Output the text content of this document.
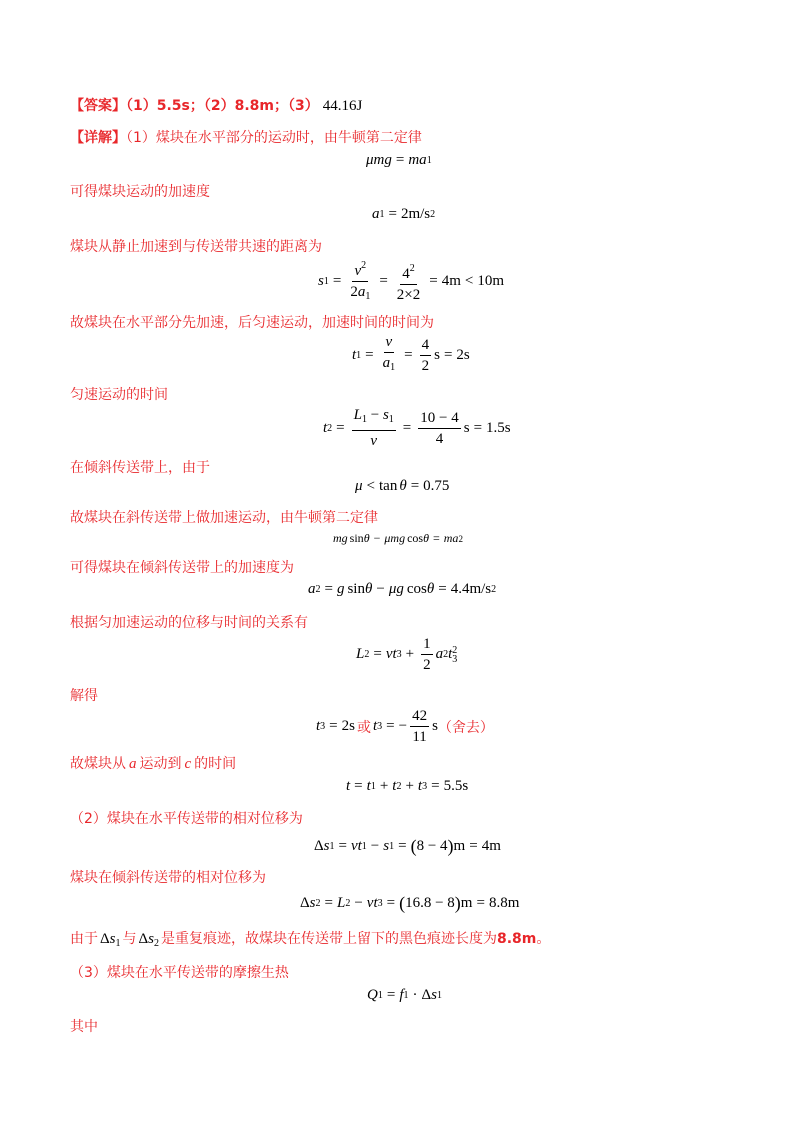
【答案】（1）5.5s；（2）8.8m；（3） 44.16J
【详解】（1）煤块在水平部分的运动时，由牛顿第二定律
μmg = ma 1
可得煤块运动的加速度
a 1 = 2m/s 2
煤块从静止加速到与传送带共速的距离为
s $1 = \frac{v^2}{2a_1} = \frac{4^2}{2\times 2} = 4m < 10m$
故煤块在水平部分先加速，后匀速运动，加速时间的时间为
t $1 = \frac{v}{a_1} = \frac{4}{2}$ s = 2s
匀速运动的时间
t $2 = \frac{L_1 - s_1}{v} = \frac{10 - 4}{4}$ s = 1.5s
在倾斜传送带上，由于
μ < tan θ = 0.75
故煤块在斜传送带上做加速运动，由牛顿第二定律
mg sin θ − μmg cos θ = ma 2
可得煤块在倾斜传送带上的加速度为
a 2 = g sin θ − μg cos θ = 4.4m/s 2
根据匀加速运动的位移与时间的关系有
L 2 = vt $3 + \frac{1}{2}$ a 2 t 2
3
解得
t 3 = 2s 或 t 3 = − $\frac{42}{11}$ s （舍去）
故煤块从 a 运动到 c 的时间
t = t 1 + t 2 + t 3 = 5.5s
（2）煤块在水平传送带的相对位移为
Δ s 1 = vt 1 − s 1 = ( 8 − 4 ) m = 4m
煤块在倾斜传送带的相对位移为
Δ s 2 = L 2 − vt 3 = ( 16.8 − 8 ) m = 8.8m
由于 $\Delta s_1$ 与 $\Delta s_2$ 是重复痕迹，故煤块在传送带上留下的黑色痕迹长度为8.8m。
（3）煤块在水平传送带的摩擦生热
Q 1 = f 1 · Δ s 1
其中
